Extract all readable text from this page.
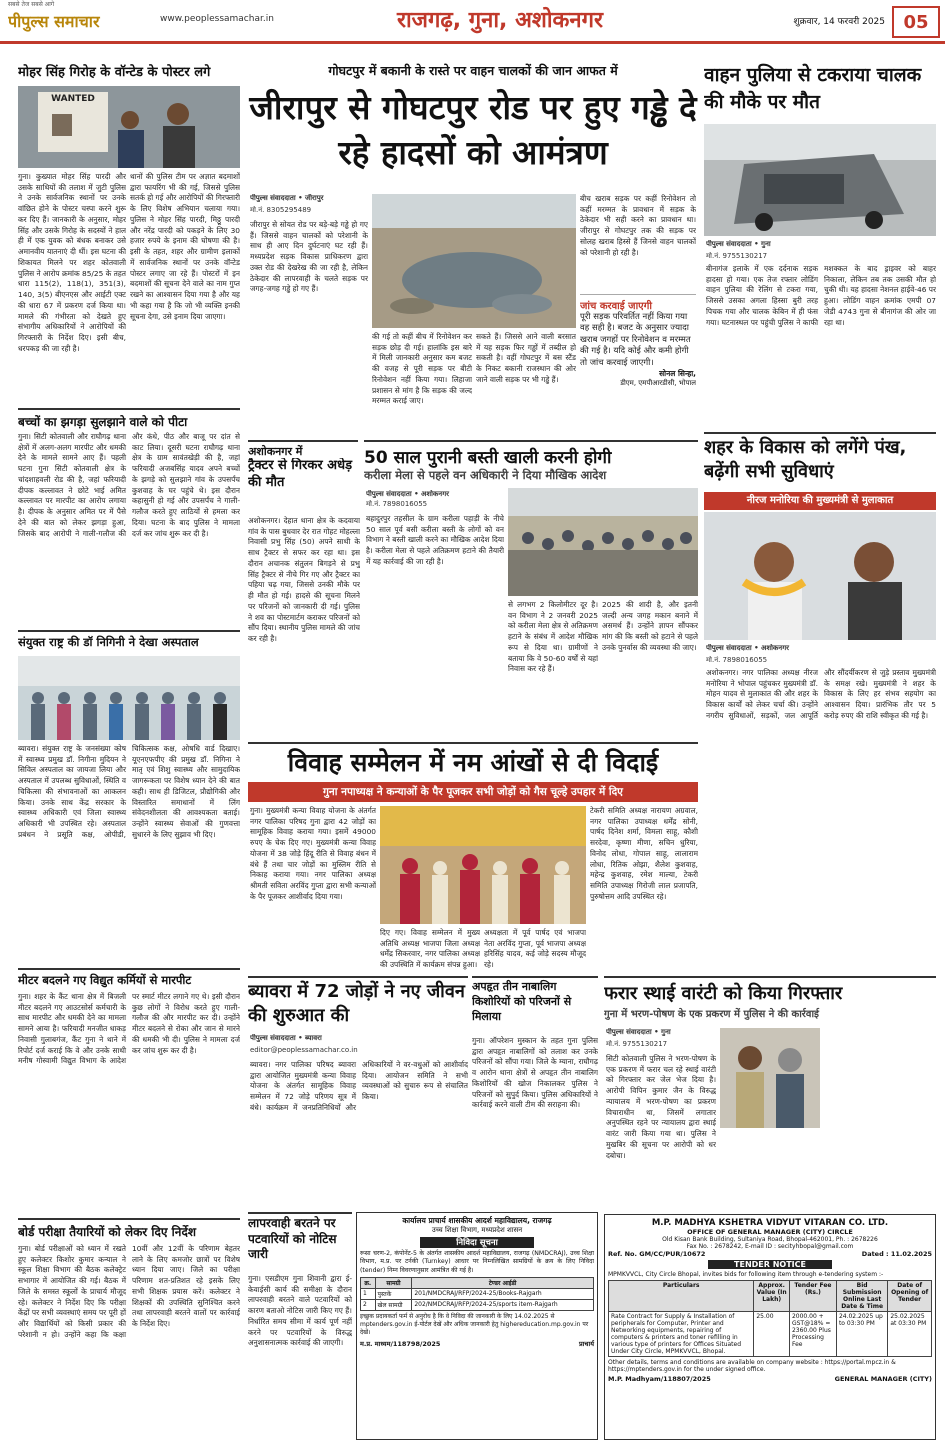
सबसे तेज सबसे आगे
पीपुल्स समाचार	www.peoplessamachar.in	राजगढ़, गुना, अशोकनगर	शुक्रवार, 14 फरवरी 2025	05
मोहर सिंह गिरोह के वॉन्टेड के पोस्टर लगे
WANTED
गुना। कुख्यात मोहर सिंह पारदी और उसके साथियों की तलाश में जुटी पुलिस ने उनके सार्वजनिक स्थानों पर उनके वांछित होने के पोस्टर चस्पा करने शुरू कर दिए हैं। जानकारी के अनुसार, मोहर सिंह और उसके गिरोह के सदस्यों ने हाल ही में एक युवक को बंधक बनाकर उसे अमानवीय यातनाएं दी थीं। इस घटना की शिकायत मिलने पर शहर कोतवाली पुलिस ने आरोप क्रमांक 85/25 के तहत धारा 115(2), 118(1), 351(3), 140, 3(5) बीएनएस और आईटी एक्ट की धारा 67 में प्रकरण दर्ज किया था। मामले की गंभीरता को देखते हुए संभागीय अधिकारियों ने आरोपियों की गिरफ्तारी के निर्देश दिए। इसी बीच, धरपकड़ की जा रही है।
थानों की पुलिस टीम पर अज्ञात बदमाशों द्वारा फायरिंग भी की गई, जिससे पुलिस सतर्क हो गई और आरोपियों की गिरफ्तारी के लिए विशेष अभियान चलाया गया। पुलिस ने मोहर सिंह पारदी, मिठ्ठू पारदी और नरेंद्र पारदी को पकड़ने के लिए 30 हजार रुपये के इनाम की घोषणा की है। इसी के तहत, शहर और ग्रामीण इलाकों में सार्वजनिक स्थानों पर उनके वॉन्टेड पोस्टर लगाए जा रहे हैं। पोस्टरों में इन बदमाशों की सूचना देने वाले का नाम गुप्त रखने का आश्वासन दिया गया है और यह भी कहा गया है कि जो भी व्यक्ति इनकी सूचना देगा, उसे इनाम दिया जाएगा।
बच्चों का झगड़ा सुलझाने वाले को पीटा
गुना। सिटी कोतवाली और राघौगढ़ थाना क्षेत्रों में अलग-अलग मारपीट और धमकी देने के मामले सामने आए हैं। पहली घटना गुना सिटी कोतवाली क्षेत्र के चांदशाहवली रोड की है, जहां फरियादी दीपक कल्लावत ने छोटे भाई अमित कल्लावत पर मारपीट का आरोप लगाया है। दीपक के अनुसार अमित पर में पैसे देने की बात को लेकर झगड़ा हुआ, जिसके बाद आरोपी ने गाली-गलौज की और कंधे, पीठ और बाजू पर दांत से काट लिया। दूसरी घटना राघौगढ़ थाना क्षेत्र के ग्राम सावंतखेड़ी की है, जहां फरियादी अजबसिंह यादव अपने बच्चों के झगड़े को सुलझाने गांव के उपसर्पंच कुशवाह के घर पहुंचे थे। इस दौरान कहासुनी हो गई और उपसर्पंच ने गाली-गलौज करते हुए लाठियों से हमला कर दिया। घटना के बाद पुलिस ने मामला दर्ज कर जांच शुरू कर दी है।
संयुक्त राष्ट्र की डॉ निगिनी ने देखा अस्पताल
ब्यावरा। संयुक्त राष्ट्र के जनसंख्या कोष में स्वास्थ्य प्रमुख डॉ. निगीना मुदियन ने सिविल अस्पताल का जायजा लिया और अस्पताल में उपलब्ध सुविधाओं, स्थिति व चिकित्सा की संभावनाओं का आकलन किया। उनके साथ केंद्र सरकार के स्वास्थ्य अधिकारी एवं जिला स्वास्थ्य अधिकारी भी उपस्थित रहे। अस्पताल प्रबंधन ने प्रसूति कक्ष, ओपीडी, चिकित्सक कक्ष, ओषधि वार्ड दिखाए। यूएनएफपीए की प्रमुख डॉ. निगिना ने मातृ एवं शिशु स्वास्थ्य और सामुदायिक जागरूकता पर विशेष ध्यान देने की बात कही। साथ ही डिजिटल, प्रौद्योगिकी और विस्तारित समाधानों में लिंग संवेदनशीलता की आवश्यकता बताई। उन्होंने स्वास्थ्य सेवाओं की गुणवत्ता सुधारने के लिए सुझाव भी दिए।
मीटर बदलने गए विद्युत कर्मियों से मारपीट
गुना। शहर के कैंट थाना क्षेत्र में बिजली मीटर बदलने गए आउटसोर्स कर्मचारी के साथ मारपीट और धमकी देने का मामला सामने आया है। फरियादी मनजीत धाकड़ निवासी गुलाबगंज, कैंट गुना ने थाने में रिपोर्ट दर्ज कराई कि वे और उनके साथी मनीष गोस्वामी विद्युत विभाग के आदेश पर स्मार्ट मीटर लगाने गए थे। इसी दौरान कुछ लोगों ने विरोध करते हुए गाली-गलौज की और मारपीट कर दी। उन्होंने मीटर बदलने से रोका और जान से मारने की धमकी भी दी। पुलिस ने मामला दर्ज कर जांच शुरू कर दी है।
बोर्ड परीक्षा तैयारियों को लेकर दिए निर्देश
गुना। बोर्ड परीक्षाओं को ध्यान में रखते हुए कलेक्टर किशोर कुमार कन्याल ने स्कूल शिक्षा विभाग की बैठक कलेक्ट्रेट सभागार में आयोजित की गई। बैठक में जिले के समस्त स्कूलों के प्राचार्य मौजूद रहे। कलेक्टर ने निर्देश दिए कि परीक्षा केंद्रों पर सभी व्यवस्थाएं समय पर पूरी हों और विद्यार्थियों को किसी प्रकार की परेशानी न हो। उन्होंने कहा कि कक्षा 10वीं और 12वीं के परिणाम बेहतर लाने के लिए कमजोर छात्रों पर विशेष ध्यान दिया जाए। जिले का परीक्षा परिणाम शत-प्रतिशत रहे इसके लिए सभी शिक्षक प्रयास करें। कलेक्टर ने शिक्षकों की उपस्थिति सुनिश्चित करने तथा लापरवाही बरतने वालों पर कार्रवाई के निर्देश दिए।
गोघटपुर में बकानी के रास्ते पर वाहन चालकों की जान आफत में
जीरापुर से गोघटपुर रोड पर हुए गड्ढे दे रहे हादसों को आमंत्रण
पीपुल्स संवाददाता • जीरापुर
मो.नं. 8305295489
जीरापुर से सोयत रोड पर बड़े-बड़े गड्ढे हो गए हैं। जिससे वाहन चालकों को परेशानी के साथ ही आए दिन दुर्घटनाएं घट रही हैं। मध्यप्रदेश सड़क विकास प्राधिकरण द्वारा उक्त रोड की देखरेख की जा रही है, लेकिन ठेकेदार की लापरवाही के चलते सड़क पर जगह-जगह गड्ढे हो गए हैं।
की गई तो कहीं बीच में रिनोवेशन कर सड़क छोड़ दी गई। हालांकि इस बारे में मिली जानकारी अनुसार कम बजट की वजह से पूरी सड़क पर बीटी रिनोवेशन नहीं किया गया। लिहाजा प्रशासन से मांग है कि सड़क की जल्द मरम्मत कराई जाए।
सकते हैं। जिससे आने वाली बरसात में यह सड़क फिर गड्ढों में तब्दील हो सकती है। वहीं गोघटपुर में बस स्टैंड के निकट बकानी राजस्थान की ओर जाने वाली सड़क पर भी गड्ढे हैं।
बीच खराब सड़क पर कहीं रिनोवेशन तो कहीं मरम्मत के प्रावधान में सड़क के ठेकेदार भी सही करने का प्रावधान था। जीरापुर से गोघटपुर तक की सड़क पर सोलह खराब हिस्से हैं जिनसे वाहन चालकों को परेशानी हो रही है।
जांच करवाई जाएगी
पूरी सड़क परिवर्तित नहीं किया गया वह सही है। बजट के अनुसार ज्यादा खराब जगहों पर रिनोवेशन व मरम्मत की गई है। यदि कोई और कमी होगी तो जांच करवाई जाएगी।
सोनल सिन्हा,
डीएम, एमपीआरडीसी, भोपाल
अशोकनगर में
ट्रैक्टर से गिरकर अधेड़ की मौत
अशोकनगर। देहात थाना क्षेत्र के कदवाया गांव के पास बुधवार देर रात गोहट मोहल्ला निवासी प्रभु सिंह (50) अपने साथी के साथ ट्रैक्टर से सफर कर रहा था। इस दौरान अचानक संतुलन बिगड़ने से प्रभु सिंह ट्रैक्टर से नीचे गिर गए और ट्रैक्टर का पहिया चढ़ गया, जिससे उनकी मौके पर ही मौत हो गई। हादसे की सूचना मिलने पर परिजनों को जानकारी दी गई। पुलिस ने शव का पोस्टमार्टम कराकर परिजनों को सौंप दिया। स्थानीय पुलिस मामले की जांच कर रही है।
50 साल पुरानी बस्ती खाली करनी होगी
करीला मेला से पहले वन अधिकारी ने दिया मौखिक आदेश
पीपुल्स संवाददाता • अशोकनगर
मो.नं. 7898016055
बहादुरपुर तहसील के ग्राम करीला पहाड़ी के नीचे 50 साल पूर्व बसी करीला बस्ती के लोगों को वन विभाग ने बस्ती खाली करने का मौखिक आदेश दिया है। करीला मेला से पहले अतिक्रमण हटाने की तैयारी में यह कार्रवाई की जा रही है।
से लगभग 2 किलोमीटर दूर है। वन विभाग ने 2 जनवरी 2025 को करीला मेला क्षेत्र से अतिक्रमण हटाने के संबंध में आदेश मौखिक रूप से दिया था। ग्रामीणों ने बताया कि वे 50-60 वर्षों से यहां निवास कर रहे हैं।
2025 की शादी है, और इतनी जल्दी अन्य जगह मकान बनाने में असमर्थ हैं। उन्होंने ज्ञापन सौंपकर मांग की कि बस्ती को हटाने से पहले उनके पुनर्वास की व्यवस्था की जाए।
विवाह सम्मेलन में नम आंखों से दी विदाई
गुना नपाध्यक्ष ने कन्याओं के पैर पूजकर सभी जोड़ों को गैस चूल्हे उपहार में दिए
गुना। मुख्यमंत्री कन्या विवाह योजना के अंतर्गत नगर पालिका परिषद गुना द्वारा 42 जोड़ों का सामूहिक विवाह कराया गया। इसमें 49000 रुपए के चेक दिए गए। मुख्यमंत्री कन्या विवाह योजना में 38 जोड़े हिंदू रीति से विवाह बंधन में बंधे हैं तथा चार जोड़ों का मुस्लिम रीति से निकाह कराया गया। नगर पालिका अध्यक्ष श्रीमती सविता अरविंद गुप्ता द्वारा सभी कन्याओं के पैर पूजकर आशीर्वाद दिया गया।
दिए गए। विवाह सम्मेलन में मुख्य अतिथि अध्यक्ष भाजपा जिला अध्यक्ष धर्मेंद्र सिकरवार, नगर पालिका अध्यक्ष की उपस्थिति में कार्यक्रम संपन्न हुआ।
अध्यक्षता में पूर्व पार्षद एवं भाजपा नेता अरविंद गुप्ता, पूर्व भाजपा अध्यक्ष हरिसिंह यादव, कई जोड़े सदस्य मौजूद रहे।
टेकरी समिति अध्यक्ष नारायण अग्रवाल, नगर पालिका उपाध्यक्ष धर्मेंद्र सोनी, पार्षद दिनेश शर्मा, विमला साहू, कौशी सरदेवा, कृष्णा मीणा, सचिन धुरिया, विनोद लोधा, गोपाल साहू, लालाराम लोधा, रितिक ओझा, शैलेश कुशवाह, महेन्द्र कुशवाह, रमेश माल्या, टेकरी समिति उपाध्यक्ष गिरोजी लाल प्रजापति, पुरुषोत्तम आदि उपस्थित रहे।
ब्यावरा में 72 जोड़ों ने नए जीवन की शुरुआत की
पीपुल्स संवाददाता • ब्यावरा
editor@peoplessamachar.co.in
ब्यावरा। नगर पालिका परिषद ब्यावरा द्वारा आयोजित मुख्यमंत्री कन्या विवाह योजना के अंतर्गत सामूहिक विवाह सम्मेलन में 72 जोड़े परिणय सूत्र में बंधे। कार्यक्रम में जनप्रतिनिधियों और अधिकारियों ने वर-वधुओं को आशीर्वाद दिया। आयोजन समिति ने सभी व्यवस्थाओं को सुचारु रूप से संचालित किया।
अपहृत तीन नाबालिग किशोरियों को परिजनों से मिलाया
गुना। ऑपरेशन मुस्कान के तहत गुना पुलिस द्वारा अपहृत नाबालिगों को तलाश कर उनके परिजनों को सौंपा गया। जिले के म्याना, राघौगढ़ व आरोन थाना क्षेत्रों से अपहृत तीन नाबालिग किशोरियों की खोज निकालकर पुलिस ने परिजनों को सुपुर्द किया। पुलिस अधिकारियों ने कार्रवाई करने वाली टीम की सराहना की।
लापरवाही बरतने पर पटवारियों को नोटिस जारी
गुना। एसडीएम गुना शिवानी द्वारा ई-केवाईसी कार्य की समीक्षा के दौरान लापरवाही बरतने वाले पटवारियों को कारण बताओ नोटिस जारी किए गए हैं। निर्धारित समय सीमा में कार्य पूर्ण नहीं करने पर पटवारियों के विरुद्ध अनुशासनात्मक कार्रवाई की जाएगी।
कार्यालय प्राचार्य शासकीय आदर्श महाविद्यालय, राजगढ़
उच्च शिक्षा विभाग, मध्यप्रदेश शासन
निविदा सूचना
रूसा चरण-2, कंपोनेंट-5 के अंतर्गत शासकीय आदर्श महाविद्यालय, राजगढ़ (NMDCRAJ), उच्च शिक्षा विभाग, म.प्र. पर टर्नकी (Turnkey) आधार पर निम्नलिखित सामग्रियों के क्रय के लिए निविदा (tender) निम्न विवरणानुसार आमंत्रित की गई है।
क्र.	सामग्री	टेण्डर आईडी
1	पुस्तकें	201/NMDCRAJ/RFP/2024-25/Books-Rajgarh
2	खेल सामग्री	202/NMDCRAJ/RFP/2024-25/sports item-Rajgarh
इच्छुक प्रदायकर्ता फर्म से अनुरोध है कि वे निविदा की जानकारी के लिए 14.02.2025 से mptenders.gov.in ई-पोर्टल देखें और अधिक जानकारी हेतु highereducation.mp.gov.in पर देखें।
म.प्र. माध्यम/118798/2025	प्राचार्य
वाहन पुलिया से टकराया चालक की मौके पर मौत
पीपुल्स संवाददाता • गुना
मो.नं. 9755130217
बीनागंज इलाके में एक दर्दनाक सड़क हादसा हो गया। एक तेज रफ्तार लोडिंग वाहन पुलिया की रेलिंग से टकरा गया, जिससे उसका अगला हिस्सा बुरी तरह पिचक गया और चालक केबिन में ही फंस गया। घटनास्थल पर पहुंची पुलिस ने काफी मशक्कत के बाद ड्राइवर को बाहर निकाला, लेकिन तब तक उसकी मौत हो चुकी थी। यह हादसा नेशनल हाईवे-46 पर हुआ। लोडिंग वाहन क्रमांक एमपी 07 जेडी 4743 गुना से बीनागंज की ओर जा रहा था।
शहर के विकास को लगेंगे पंख, बढ़ेंगी सभी सुविधाएं
नीरज मनोरिया की मुख्यमंत्री से मुलाकात
पीपुल्स संवाददाता • अशोकनगर
मो.नं. 7898016055
अशोकनगर। नगर पालिका अध्यक्ष नीरज मनोरिया ने भोपाल पहुंचकर मुख्यमंत्री डॉ. मोहन यादव से मुलाकात की और शहर के विकास कार्यों को लेकर चर्चा की। उन्होंने नगरीय सुविधाओं, सड़कों, जल आपूर्ति और सौंदर्यीकरण से जुड़े प्रस्ताव मुख्यमंत्री के समक्ष रखे। मुख्यमंत्री ने शहर के विकास के लिए हर संभव सहयोग का आश्वासन दिया। प्रारंभिक तौर पर 5 करोड़ रुपए की राशि स्वीकृत की गई है।
फरार स्थाई वारंटी को किया गिरफ्तार
गुना में भरण-पोषण के एक प्रकरण में पुलिस ने की कार्रवाई
पीपुल्स संवाददाता • गुना
मो.नं. 9755130217
सिटी कोतवाली पुलिस ने भरण-पोषण के एक प्रकरण में फरार चल रहे स्थाई वारंटी को गिरफ्तार कर जेल भेज दिया है। आरोपी विपिन कुमार जैन के विरुद्ध न्यायालय में भरण-पोषण का प्रकरण विचाराधीन था, जिसमें लगातार अनुपस्थित रहने पर न्यायालय द्वारा स्थाई वारंट जारी किया गया था। पुलिस ने मुखबिर की सूचना पर आरोपी को धर दबोचा।
M.P. MADHYA KSHETRA VIDYUT VITARAN CO. LTD.
OFFICE OF GENERAL MANAGER (CITY) CIRCLE
Old Kisan Bank Building, Sultaniya Road, Bhopal-462001, Ph. : 2678226
Fax No. : 2678242, E-mail ID : secityhbopal@gmail.com
Ref. No. GM/CC/PUR/10672	Dated : 11.02.2025
TENDER NOTICE
MPMKVVCL, City Circle Bhopal, invites bids for following item through e-tendering system :-
Particulars	Approx. Value (In Lakh)	Tender Fee (Rs.)	Bid Submission Online Last Date & Time	Date of Opening of Tender
Rate Contract for Supply & Installation of peripherals for Computer, Printer and Networking equipments, repairing of computers & printers and toner refilling in various type of printers for Offices Situated Under City Circle, MPMKVVCL, Bhopal.	25.00	2000.00 + GST@18% = 2360.00 Plus Processing Fee	24.02.2025 up to 03:30 PM	25.02.2025 at 03:30 PM
Other details, terms and conditions are available on company website : https://portal.mpcz.in & https://mptenders.gov.in for the under signed office.
M.P. Madhyam/118807/2025	GENERAL MANAGER (CITY)
